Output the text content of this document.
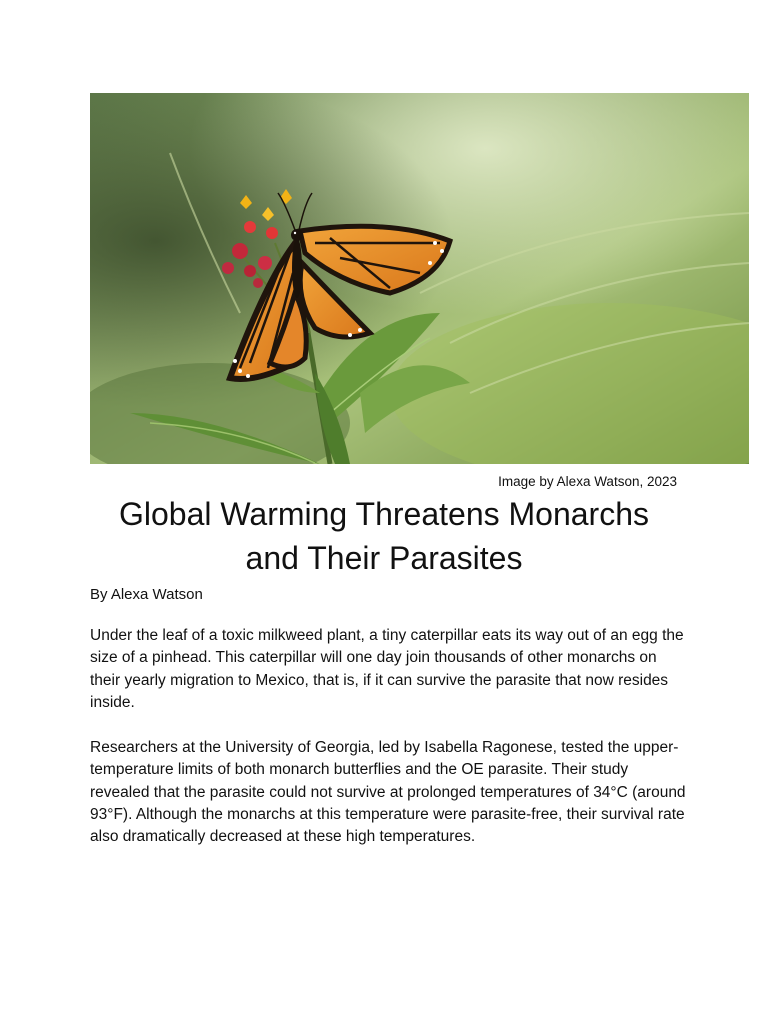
Image by Alexa Watson, 2023
Global Warming Threatens Monarchs and Their Parasites
By Alexa Watson

Under the leaf of a toxic milkweed plant, a tiny caterpillar eats its way out of an egg the size of a pinhead. This caterpillar will one day join thousands of other monarchs on their yearly migration to Mexico, that is, if it can survive the parasite that now resides inside.

Researchers at the University of Georgia, led by Isabella Ragonese, tested the upper-temperature limits of both monarch butterflies and the OE parasite. Their study revealed that the parasite could not survive at prolonged temperatures of 34°C (around 93°F). Although the monarchs at this temperature were parasite-free, their survival rate also dramatically decreased at these high temperatures.
